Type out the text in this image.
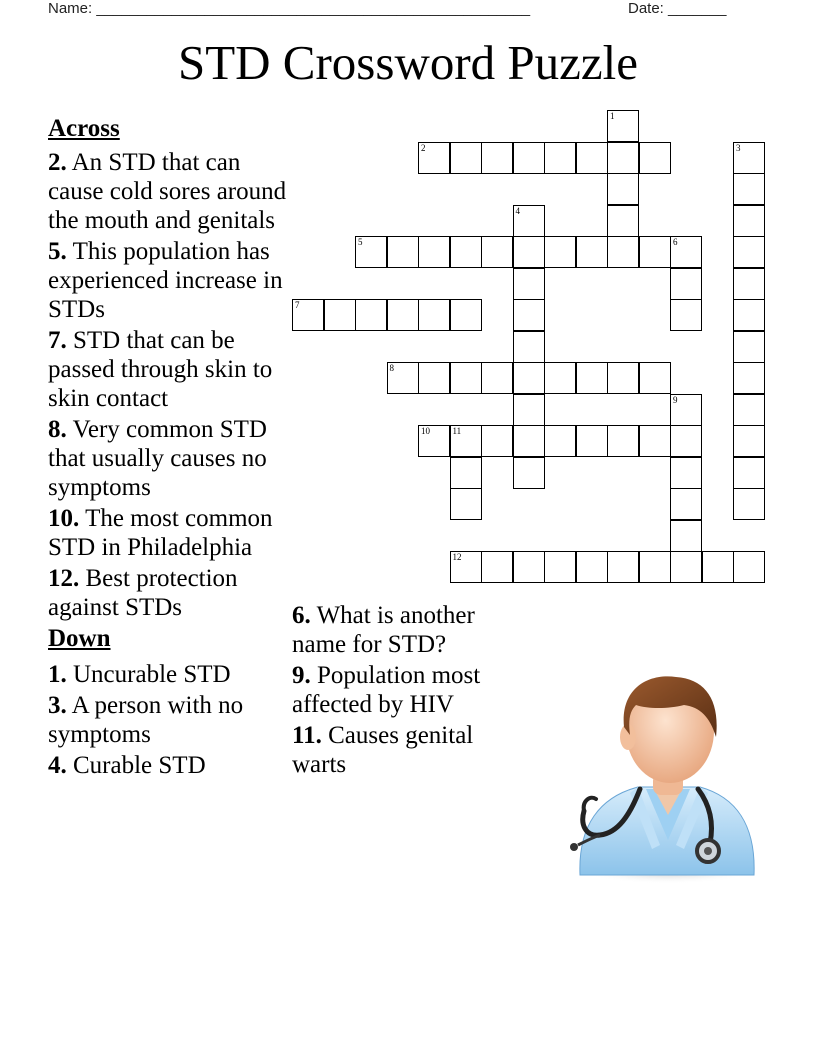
Name: ____________________________________________________	Date: _______
STD Crossword Puzzle
Across
2. An STD that can cause cold sores around the mouth and genitals
5. This population has experienced increase in STDs
7. STD that can be passed through skin to skin contact
8. Very common STD that usually causes no symptoms
10. The most common STD in Philadelphia
12. Best protection against STDs
Down
1. Uncurable STD
3. A person with no symptoms
4. Curable STD
6. What is another name for STD?
9. Population most affected by HIV
11. Causes genital warts
1
2	3
4
5	6
7
8
9
10	11
12
